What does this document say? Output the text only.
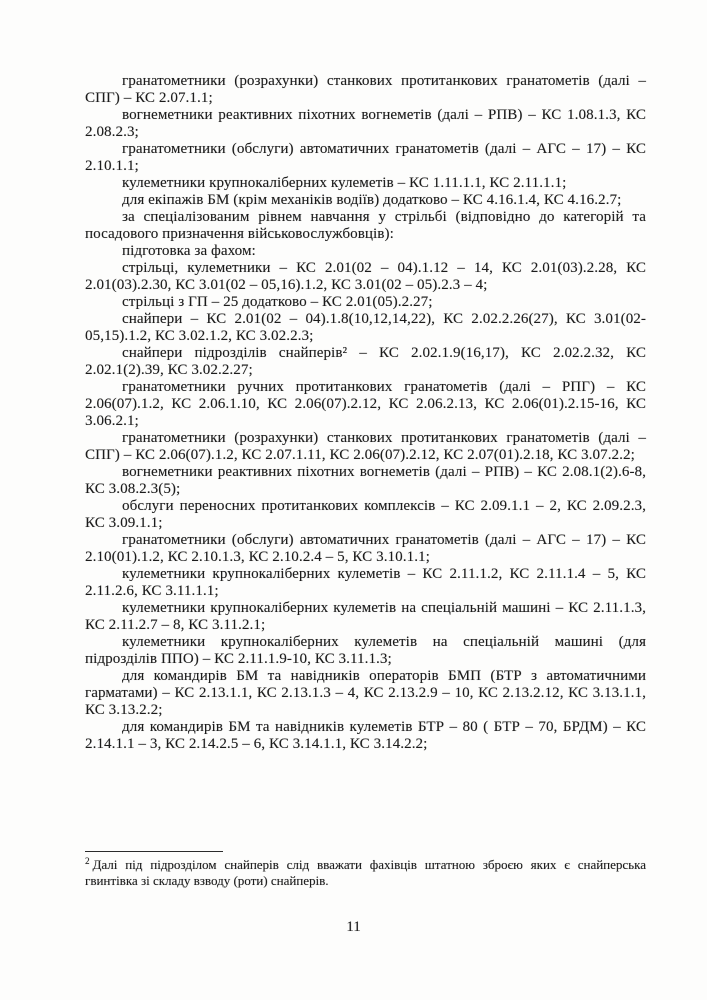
гранатометники (розрахунки) станкових протитанкових гранатометів (далі – СПГ) – КС 2.07.1.1;

вогнеметники реактивних піхотних вогнеметів (далі – РПВ) – КС 1.08.1.3, КС 2.08.2.3;

гранатометники (обслуги) автоматичних гранатометів (далі – АГС – 17) – КС 2.10.1.1;

кулеметники крупнокаліберних кулеметів – КС 1.11.1.1, КС 2.11.1.1;

для екіпажів БМ (крім механіків водіїв) додатково – КС 4.16.1.4, КС 4.16.2.7;

за спеціалізованим рівнем навчання у стрільбі (відповідно до категорій та посадового призначення військовослужбовців):

підготовка за фахом:

стрільці, кулеметники – КС 2.01(02 – 04).1.12 – 14, КС 2.01(03).2.28, КС 2.01(03).2.30, КС 3.01(02 – 05,16).1.2, КС 3.01(02 – 05).2.3 – 4;

стрільці з ГП – 25 додатково – КС 2.01(05).2.27;

снайпери – КС 2.01(02 – 04).1.8(10,12,14,22), КС 2.02.2.26(27), КС 3.01(02-05,15).1.2, КС 3.02.1.2, КС 3.02.2.3;

снайпери підрозділів снайперів² – КС 2.02.1.9(16,17), КС 2.02.2.32, КС 2.02.1(2).39, КС 3.02.2.27;

гранатометники ручних протитанкових гранатометів (далі – РПГ) – КС 2.06(07).1.2, КС 2.06.1.10, КС 2.06(07).2.12, КС 2.06.2.13, КС 2.06(01).2.15-16, КС 3.06.2.1;

гранатометники (розрахунки) станкових протитанкових гранатометів (далі – СПГ) – КС 2.06(07).1.2, КС 2.07.1.11, КС 2.06(07).2.12, КС 2.07(01).2.18, КС 3.07.2.2;

вогнеметники реактивних піхотних вогнеметів (далі – РПВ) – КС 2.08.1(2).6-8, КС 3.08.2.3(5);

обслуги переносних протитанкових комплексів – КС 2.09.1.1 – 2, КС 2.09.2.3, КС 3.09.1.1;

гранатометники (обслуги) автоматичних гранатометів (далі – АГС – 17) – КС 2.10(01).1.2, КС 2.10.1.3, КС 2.10.2.4 – 5, КС 3.10.1.1;

кулеметники крупнокаліберних кулеметів – КС 2.11.1.2, КС 2.11.1.4 – 5, КС 2.11.2.6, КС 3.11.1.1;

кулеметники крупнокаліберних кулеметів на спеціальній машині – КС 2.11.1.3, КС 2.11.2.7 – 8, КС 3.11.2.1;

кулеметники крупнокаліберних кулеметів на спеціальній машині (для підрозділів ППО) – КС 2.11.1.9-10, КС 3.11.1.3;

для командирів БМ та навідників операторів БМП (БТР з автоматичними гарматами) – КС 2.13.1.1, КС 2.13.1.3 – 4, КС 2.13.2.9 – 10, КС 2.13.2.12, КС 3.13.1.1, КС 3.13.2.2;

для командирів БМ та навідників кулеметів БТР – 80 ( БТР – 70, БРДМ) – КС 2.14.1.1 – 3, КС 2.14.2.5 – 6, КС 3.14.1.1, КС 3.14.2.2;

$^2$ Далі під підрозділом снайперів слід вважати фахівців штатною зброєю яких є снайперська гвинтівка зі складу взводу (роти) снайперів.

11
